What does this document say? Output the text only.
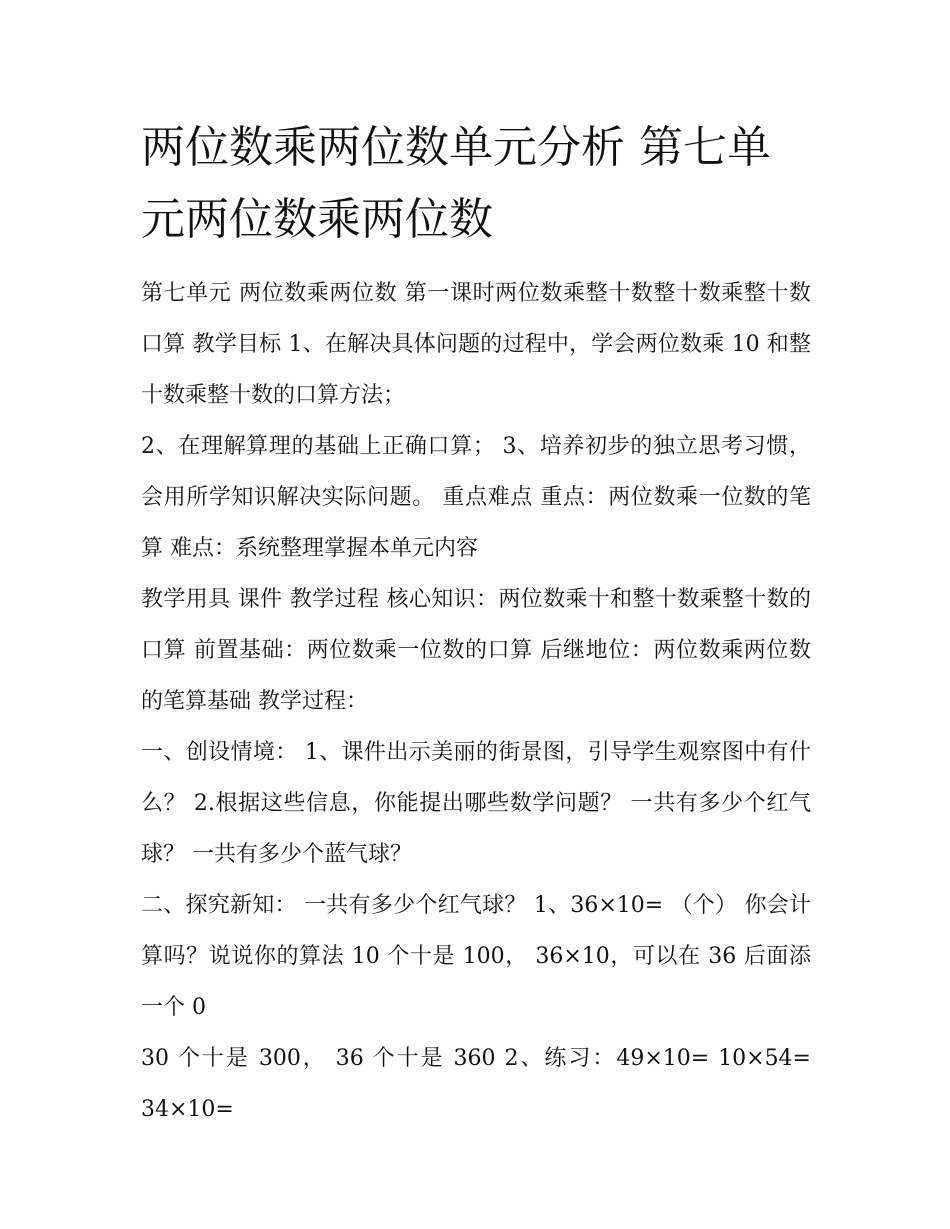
两位数乘两位数单元分析 第七单元两位数乘两位数

第七单元 两位数乘两位数 第一课时两位数乘整十数整十数乘整十数口算 教学目标 1、在解决具体问题的过程中，学会两位数乘 10 和整十数乘整十数的口算方法；

2、在理解算理的基础上正确口算； 3、培养初步的独立思考习惯，会用所学知识解决实际问题。 重点难点 重点：两位数乘一位数的笔算 难点：系统整理掌握本单元内容

教学用具 课件 教学过程 核心知识：两位数乘十和整十数乘整十数的口算 前置基础：两位数乘一位数的口算 后继地位：两位数乘两位数的笔算基础 教学过程：

一、创设情境： 1、课件出示美丽的街景图，引导学生观察图中有什么？ 2.根据这些信息，你能提出哪些数学问题？ 一共有多少个红气球？ 一共有多少个蓝气球？

二、探究新知： 一共有多少个红气球？ 1、36×10= （个） 你会计算吗？说说你的算法 10 个十是 100， 36×10，可以在 36 后面添一个 0

30 个十是 300， 36 个十是 360 2、练习：49×10= 10×54= 34×10=
